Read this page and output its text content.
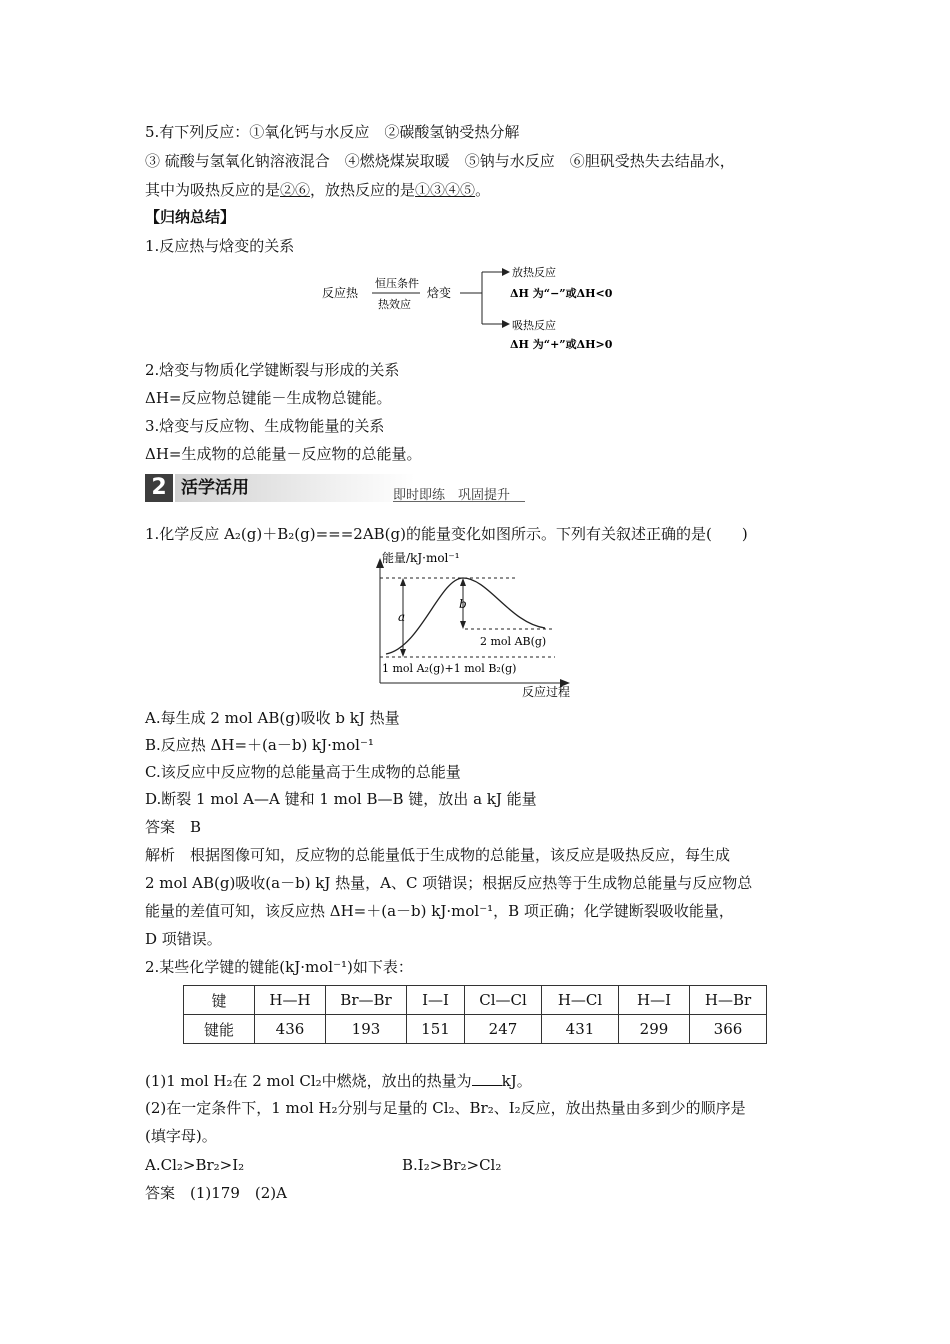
5.有下列反应：①氧化钙与水反应　②碳酸氢钠受热分解
③ 硫酸与氢氧化钠溶液混合　④燃烧煤炭取暖　⑤钠与水反应　⑥胆矾受热失去结晶水，
其中为吸热反应的是②⑥，放热反应的是①③④⑤。
【归纳总结】
1.反应热与焓变的关系
反应热
恒压条件
热效应
焓变
放热反应
ΔH 为“−”或ΔH<0
吸热反应
ΔH 为“+”或ΔH>0
2.焓变与物质化学键断裂与形成的关系
ΔH=反应物总键能－生成物总键能。
3.焓变与反应物、生成物能量的关系
ΔH=生成物的总能量－反应物的总能量。
2 活学活用	即时即练　巩固提升
1.化学反应 A₂(g)＋B₂(g)===2AB(g)的能量变化如图所示。下列有关叙述正确的是(　　)
能量/kJ·mol⁻¹
反应过程
a
b
2 mol AB(g)
1 mol A₂(g)+1 mol B₂(g)
A.每生成 2 mol AB(g)吸收 b kJ 热量
B.反应热 ΔH=＋(a－b) kJ·mol⁻¹
C.该反应中反应物的总能量高于生成物的总能量
D.断裂 1 mol A—A 键和 1 mol B—B 键，放出 a kJ 能量
答案　B
解析　根据图像可知，反应物的总能量低于生成物的总能量，该反应是吸热反应，每生成
2 mol AB(g)吸收(a－b) kJ 热量，A、C 项错误；根据反应热等于生成物总能量与反应物总
能量的差值可知，该反应热 ΔH=＋(a－b) kJ·mol⁻¹，B 项正确；化学键断裂吸收能量，
D 项错误。
2.某些化学键的键能(kJ·mol⁻¹)如下表：
键	H—H	Br—Br	I—I	Cl—Cl	H—Cl	H—I	H—Br
键能	436	193	151	247	431	299	366
(1)1 mol H₂在 2 mol Cl₂中燃烧，放出的热量为 kJ。
(2)在一定条件下，1 mol H₂分别与足量的 Cl₂、Br₂、I₂反应，放出热量由多到少的顺序是
(填字母)。
A.Cl₂>Br₂>I₂	B.I₂>Br₂>Cl₂
答案　(1)179　(2)A
